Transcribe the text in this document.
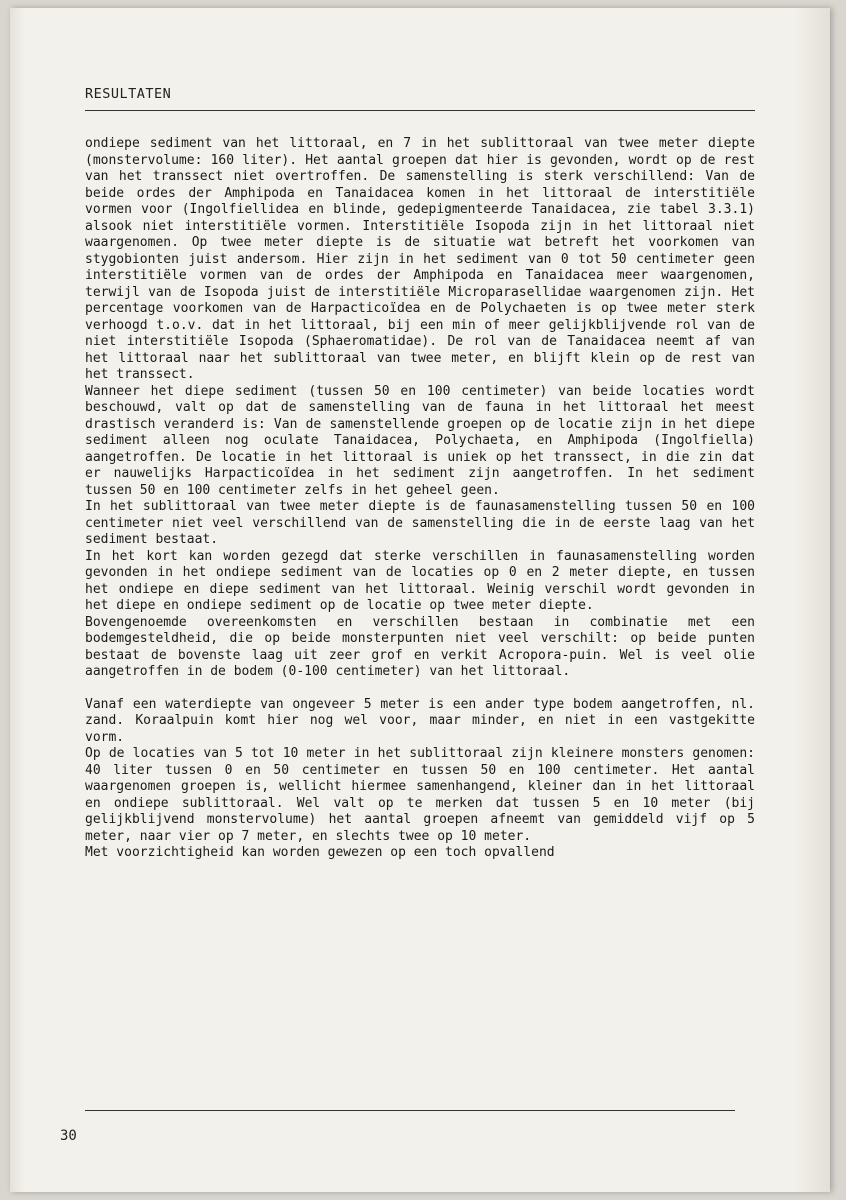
RESULTATEN

ondiepe sediment van het littoraal, en 7 in het sublittoraal van twee meter diepte (monstervolume: 160 liter). Het aantal groepen dat hier is gevonden, wordt op de rest van het transsect niet overtroffen. De samenstelling is sterk verschillend: Van de beide ordes der Amphipoda en Tanaidacea komen in het littoraal de interstitiële vormen voor (Ingolfiellidea en blinde, gedepigmenteerde Tanaidacea, zie tabel 3.3.1) alsook niet interstitiële vormen. Interstitiële Isopoda zijn in het littoraal niet waargenomen. Op twee meter diepte is de situatie wat betreft het voorkomen van stygobionten juist andersom. Hier zijn in het sediment van 0 tot 50 centimeter geen interstitiële vormen van de ordes der Amphipoda en Tanaidacea meer waargenomen, terwijl van de Isopoda juist de interstitiële Microparasellidae waargenomen zijn. Het percentage voorkomen van de Harpacticoïdea en de Polychaeten is op twee meter sterk verhoogd t.o.v. dat in het littoraal, bij een min of meer gelijkblijvende rol van de niet interstitiële Isopoda (Sphaeromatidae). De rol van de Tanaidacea neemt af van het littoraal naar het sublittoraal van twee meter, en blijft klein op de rest van het transsect.

Wanneer het diepe sediment (tussen 50 en 100 centimeter) van beide locaties wordt beschouwd, valt op dat de samenstelling van de fauna in het littoraal het meest drastisch veranderd is: Van de samenstellende groepen op de locatie zijn in het diepe sediment alleen nog oculate Tanaidacea, Polychaeta, en Amphipoda (Ingolfiella) aangetroffen. De locatie in het littoraal is uniek op het transsect, in die zin dat er nauwelijks Harpacticoïdea in het sediment zijn aangetroffen. In het sediment tussen 50 en 100 centimeter zelfs in het geheel geen.

In het sublittoraal van twee meter diepte is de faunasamenstelling tussen 50 en 100 centimeter niet veel verschillend van de samenstelling die in de eerste laag van het sediment bestaat.

In het kort kan worden gezegd dat sterke verschillen in faunasamenstelling worden gevonden in het ondiepe sediment van de locaties op 0 en 2 meter diepte, en tussen het ondiepe en diepe sediment van het littoraal. Weinig verschil wordt gevonden in het diepe en ondiepe sediment op de locatie op twee meter diepte.

Bovengenoemde overeenkomsten en verschillen bestaan in combinatie met een bodemgesteldheid, die op beide monsterpunten niet veel verschilt: op beide punten bestaat de bovenste laag uit zeer grof en verkit Acropora-puin. Wel is veel olie aangetroffen in de bodem (0-100 centimeter) van het littoraal.

Vanaf een waterdiepte van ongeveer 5 meter is een ander type bodem aangetroffen, nl. zand. Koraalpuin komt hier nog wel voor, maar minder, en niet in een vastgekitte vorm.

Op de locaties van 5 tot 10 meter in het sublittoraal zijn kleinere monsters genomen: 40 liter tussen 0 en 50 centimeter en tussen 50 en 100 centimeter. Het aantal waargenomen groepen is, wellicht hiermee samenhangend, kleiner dan in het littoraal en ondiepe sublittoraal. Wel valt op te merken dat tussen 5 en 10 meter (bij gelijkblijvend monstervolume) het aantal groepen afneemt van gemiddeld vijf op 5 meter, naar vier op 7 meter, en slechts twee op 10 meter.

Met voorzichtigheid kan worden gewezen op een toch opvallend

30
